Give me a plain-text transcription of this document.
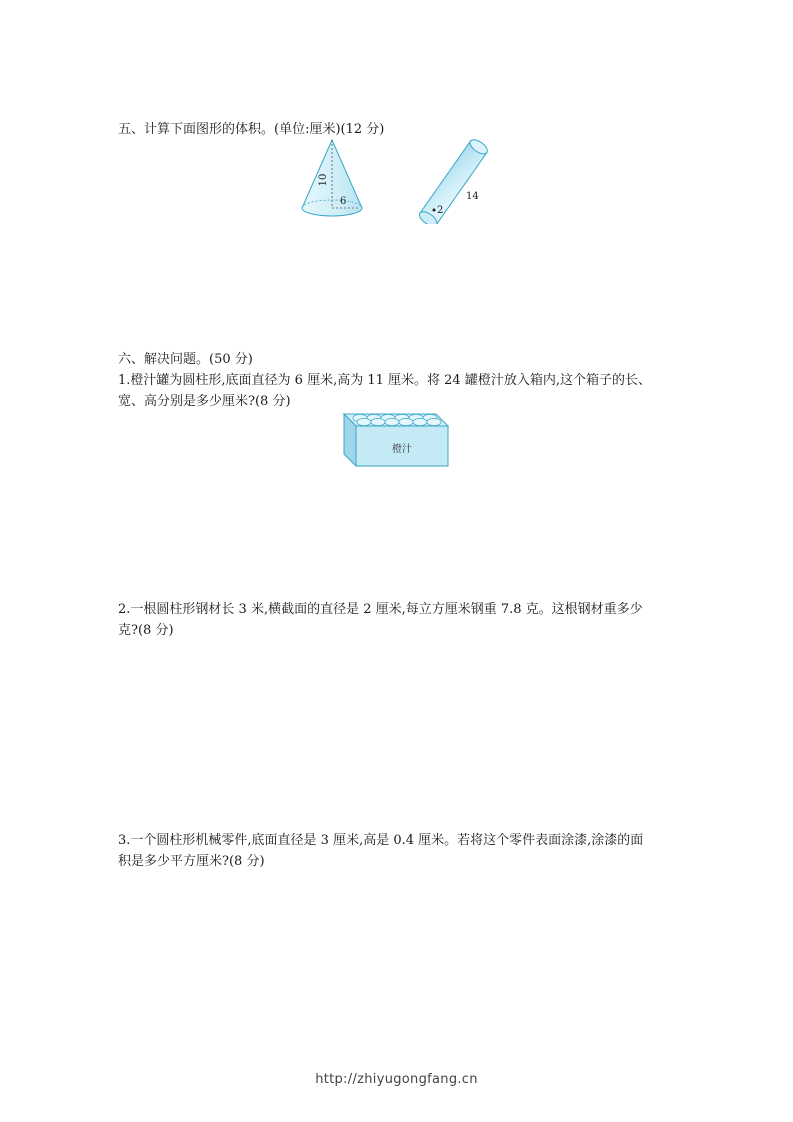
五、计算下面图形的体积。(单位:厘米)(12 分)
10
6
2
14
六、解决问题。(50 分)
1.橙汁罐为圆柱形,底面直径为 6 厘米,高为 11 厘米。将 24 罐橙汁放入箱内,这个箱子的长、
宽、高分别是多少厘米?(8 分)
橙汁
2.一根圆柱形钢材长 3 米,横截面的直径是 2 厘米,每立方厘米钢重 7.8 克。这根钢材重多少
克?(8 分)
3.一个圆柱形机械零件,底面直径是 3 厘米,高是 0.4 厘米。若将这个零件表面涂漆,涂漆的面
积是多少平方厘米?(8 分)
http://zhiyugongfang.cn
